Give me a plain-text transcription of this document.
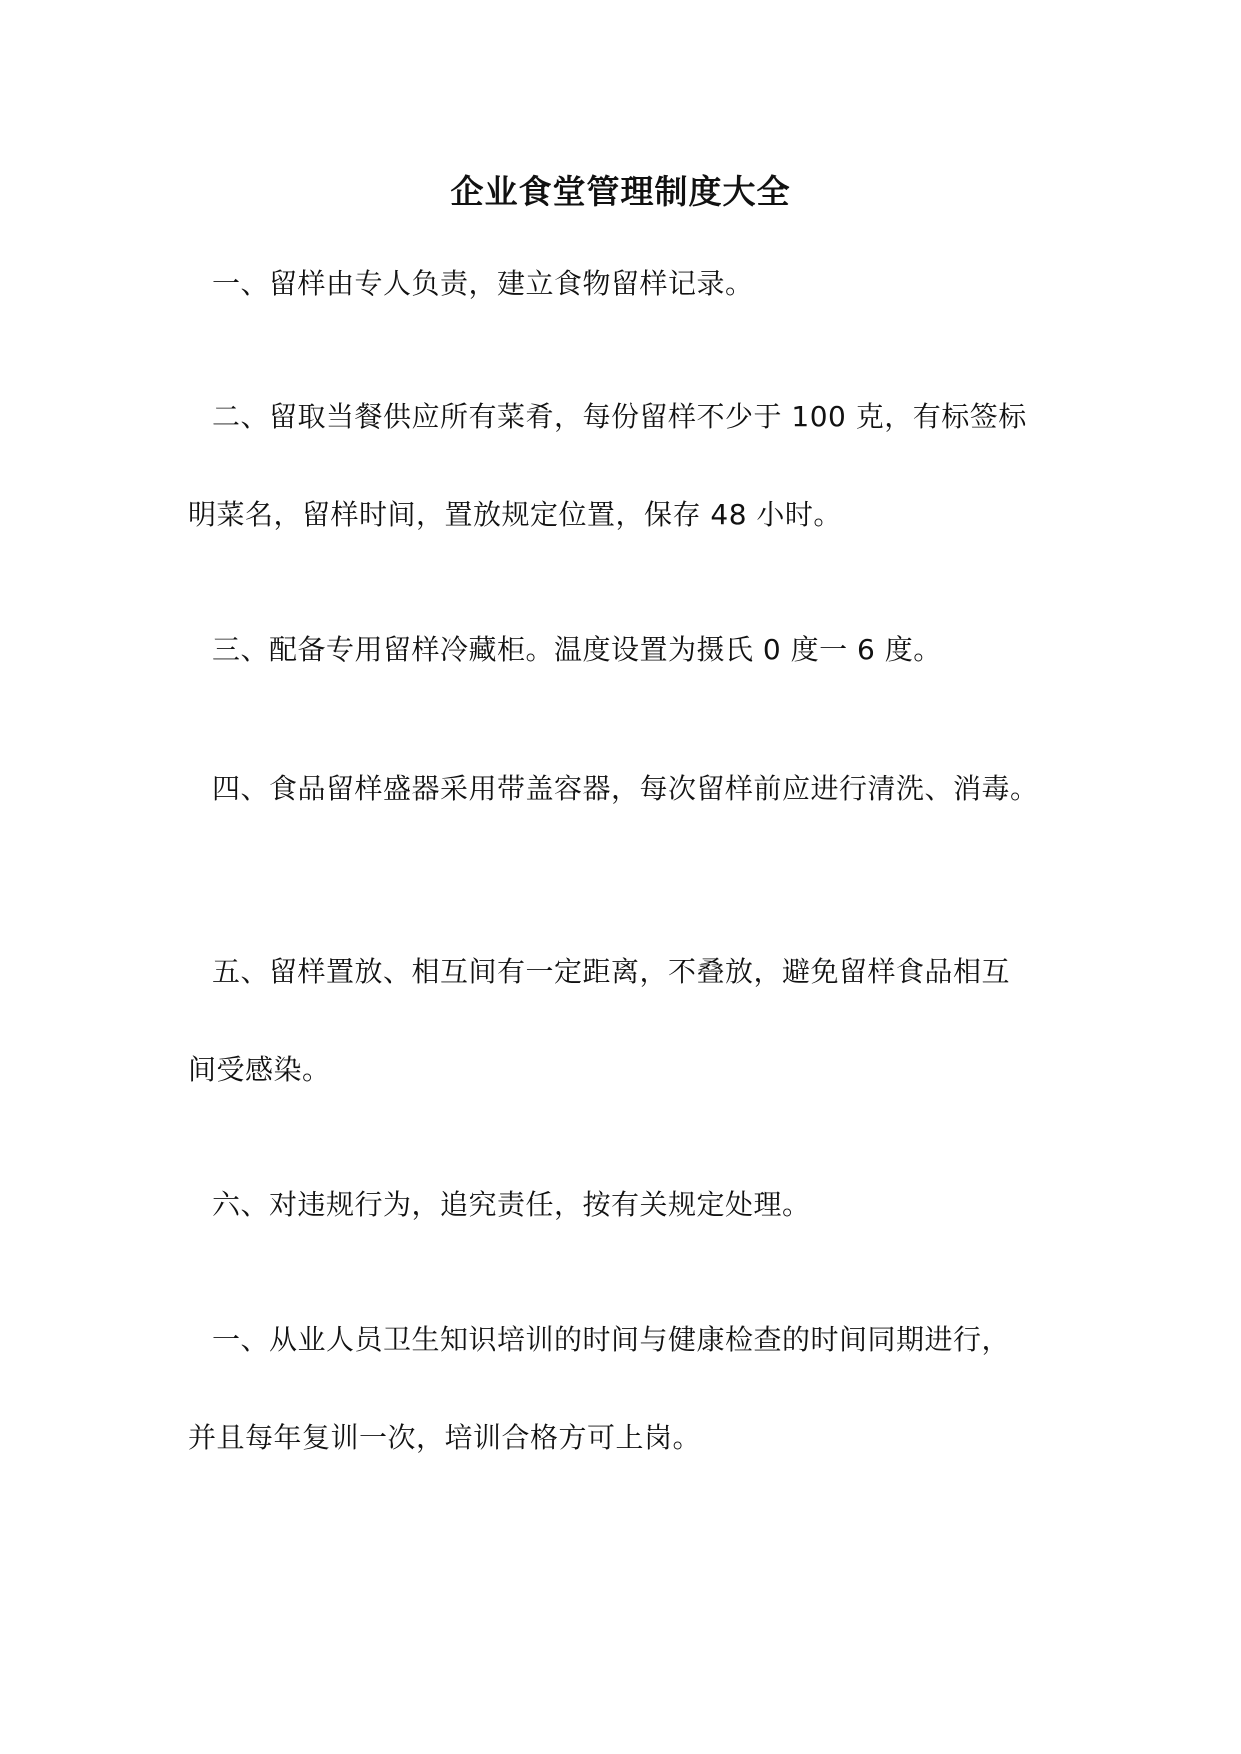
企业食堂管理制度大全
一、留样由专人负责，建立食物留样记录。
二、留取当餐供应所有菜肴，每份留样不少于 100 克，有标签标
明菜名，留样时间，置放规定位置，保存 48 小时。
三、配备专用留样冷藏柜。温度设置为摄氏 0 度一 6 度。
四、食品留样盛器采用带盖容器，每次留样前应进行清洗、消毒。
五、留样置放、相互间有一定距离，不叠放，避免留样食品相互
间受感染。
六、对违规行为，追究责任，按有关规定处理。
一、从业人员卫生知识培训的时间与健康检查的时间同期进行，
并且每年复训一次，培训合格方可上岗。
